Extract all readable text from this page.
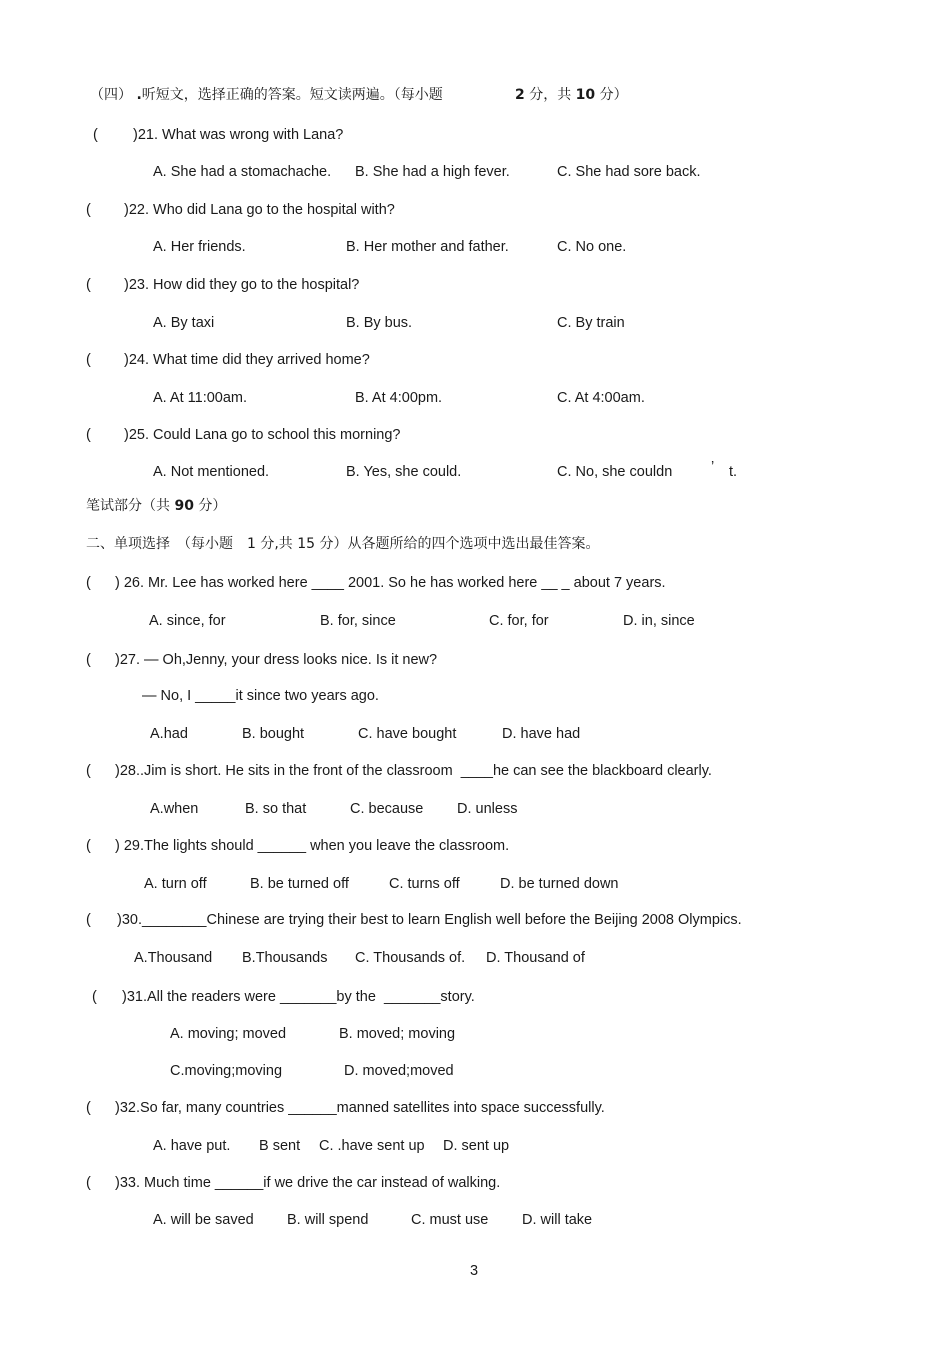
（四） .听短文，选择正确的答案。短文读两遍。（每小题	2 分，共 10 分）
( )21. What was wrong with Lana?
A. She had a stomachache. B. She had a high fever.	C. She had sore back.
( )22. Who did Lana go to the hospital with?
A. Her friends.	B. Her mother and father.	C. No one.
( )23. How did they go to the hospital?
A. By taxi	B. By bus.	C. By train
( )24. What time did they arrived home?
A. At 11:00am.	B. At 4:00pm.	C. At 4:00am.
( )25. Could Lana go to school this morning?
A. Not mentioned.	B. Yes, she could.	C. No, she couldn	’ t.
笔试部分（共 90 分）
二、单项选择　（每小题　1 分,共 15 分）从各题所给的四个选项中选出最佳答案。
( ) 26. Mr. Lee has worked here ____ 2001. So he has worked here __ _ about 7 years.
A. since, for	B. for, since	C. for, for	D. in, since
( )27. — Oh,Jenny, your dress looks nice. Is it new?
— No, I _____it since two years ago.
A.had	B. bought	C. have bought	D. have had
( )28..Jim is short. He sits in the front of the classroom  ____he can see the blackboard clearly.
A.when	B. so that	C. because D. unless
( ) 29.The lights should ______ when you leave the classroom.
A. turn off	B. be turned off	C. turns off	D. be turned down
( )30.________Chinese are trying their best to learn English well before the Beijing 2008 Olympics.
A.Thousand B.Thousands C. Thousands of. D. Thousand of
( )31.All the readers were _______by the  _______story.
A. moving; moved	B. moved; moving
C.moving;moving	D. moved;moved
( )32.So far, many countries ______manned satellites into space successfully.
A. have put. B sent C. .have sent up D. sent up
( )33. Much time ______if we drive the car instead of walking.
A. will be saved B. will spend	C. must use D. will take
3
